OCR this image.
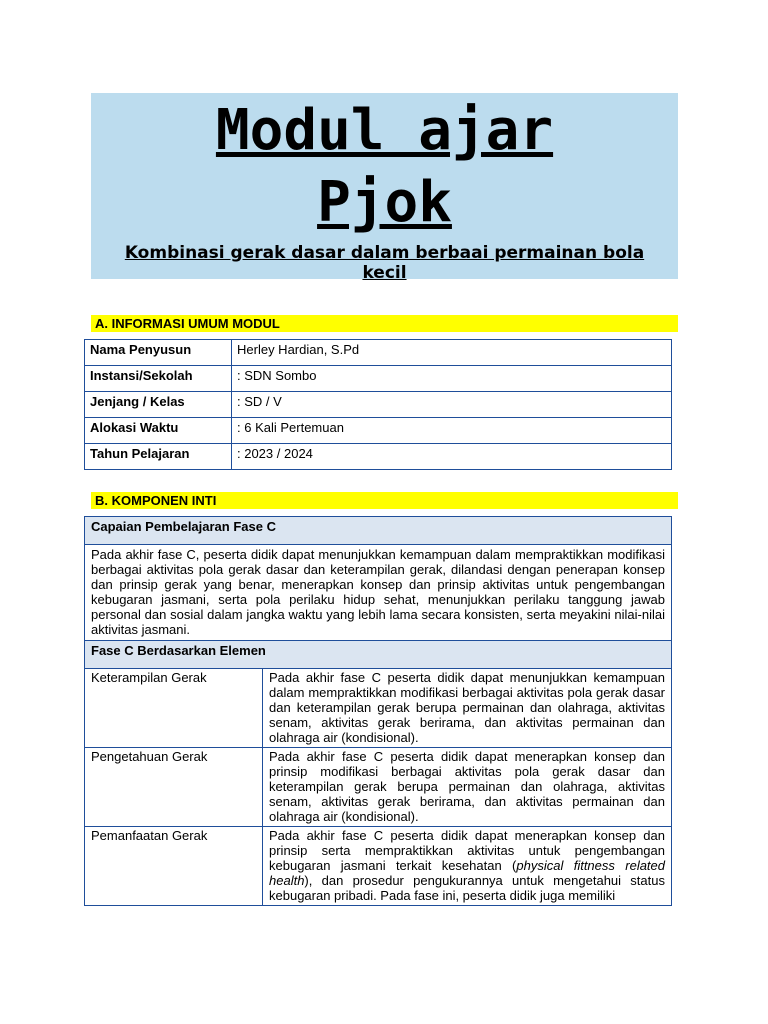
Modul ajar Pjok
Kombinasi gerak dasar dalam berbaai permainan bola kecil
A. INFORMASI UMUM MODUL
Nama Penyusun	Herley Hardian, S.Pd
Instansi/Sekolah	: SDN Sombo
Jenjang / Kelas	: SD / V
Alokasi Waktu	: 6 Kali Pertemuan
Tahun Pelajaran	: 2023 / 2024
B. KOMPONEN INTI
Capaian Pembelajaran Fase C	
Pada akhir fase C, peserta didik dapat menunjukkan kemampuan dalam mempraktikkan modifikasi berbagai aktivitas pola gerak dasar dan keterampilan gerak, dilandasi dengan penerapan konsep dan prinsip gerak yang benar, menerapkan konsep dan prinsip aktivitas untuk pengembangan kebugaran jasmani, serta pola perilaku hidup sehat, menunjukkan perilaku tanggung jawab personal dan sosial dalam jangka waktu yang lebih lama secara konsisten, serta meyakini nilai-nilai aktivitas jasmani.	
Fase C Berdasarkan Elemen	
Keterampilan Gerak	Pada akhir fase C peserta didik dapat menunjukkan kemampuan dalam mempraktikkan modifikasi berbagai aktivitas pola gerak dasar dan keterampilan gerak berupa permainan dan olahraga, aktivitas senam, aktivitas gerak berirama, dan aktivitas permainan dan olahraga air (kondisional).
Pengetahuan Gerak	Pada akhir fase C peserta didik dapat menerapkan konsep dan prinsip modifikasi berbagai aktivitas pola gerak dasar dan keterampilan gerak berupa permainan dan olahraga, aktivitas senam, aktivitas gerak berirama, dan aktivitas permainan dan olahraga air (kondisional).
Pemanfaatan Gerak	Pada akhir fase C peserta didik dapat menerapkan konsep dan prinsip serta mempraktikkan aktivitas untuk pengembangan kebugaran jasmani terkait kesehatan (physical fittness related health), dan prosedur pengukurannya untuk mengetahui status kebugaran pribadi. Pada fase ini, peserta didik juga memiliki
